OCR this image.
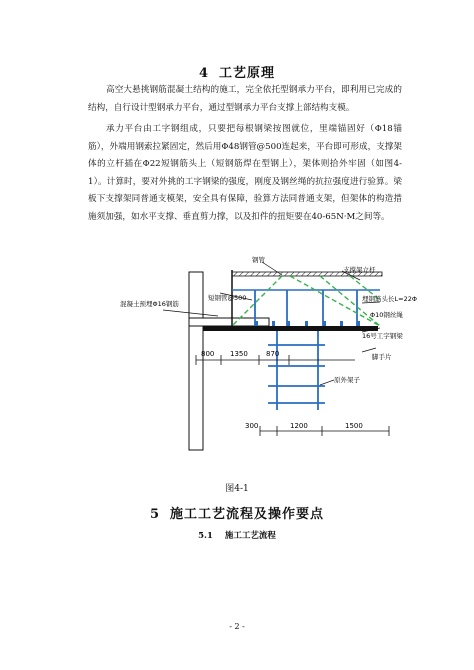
4 工艺原理

高空大悬挑钢筋混凝土结构的施工，完全依托型钢承力平台，即利用已完成的结构，自行设计型钢承力平台，通过型钢承力平台支撑上部结构支模。

承力平台由工字钢组成，只要把每根钢梁按图就位，里端锚固好（Φ18锚筋），外端用钢索拉紧固定，然后用Φ48钢管@500连起来，平台即可形成，支撑架体的立杆插在Φ22短钢筋头上（短钢筋焊在型钢上），架体则拾外牢固（如图4-1）。计算时，要对外挑的工字钢梁的强度，刚度及钢丝绳的抗拉强度进行验算。梁板下支撑架同普通支模架，安全具有保障，验算方法同普通支架，但架体的构造措施须加强，如水平支撑、垂直剪力撑，以及扣件的扭矩要在40-65N·M之间等。

混凝土预埋Φ16钢筋
短钢管@500
钢管
支撑架立杆
埋钢筋头长L=22Φ
Φ10钢丝绳
16号工字钢梁
脚手片
原外架子
800 1350	870
300	1200	1500
图4-1
5 施工工艺流程及操作要点
5.1 施工工艺流程
- 2 -
